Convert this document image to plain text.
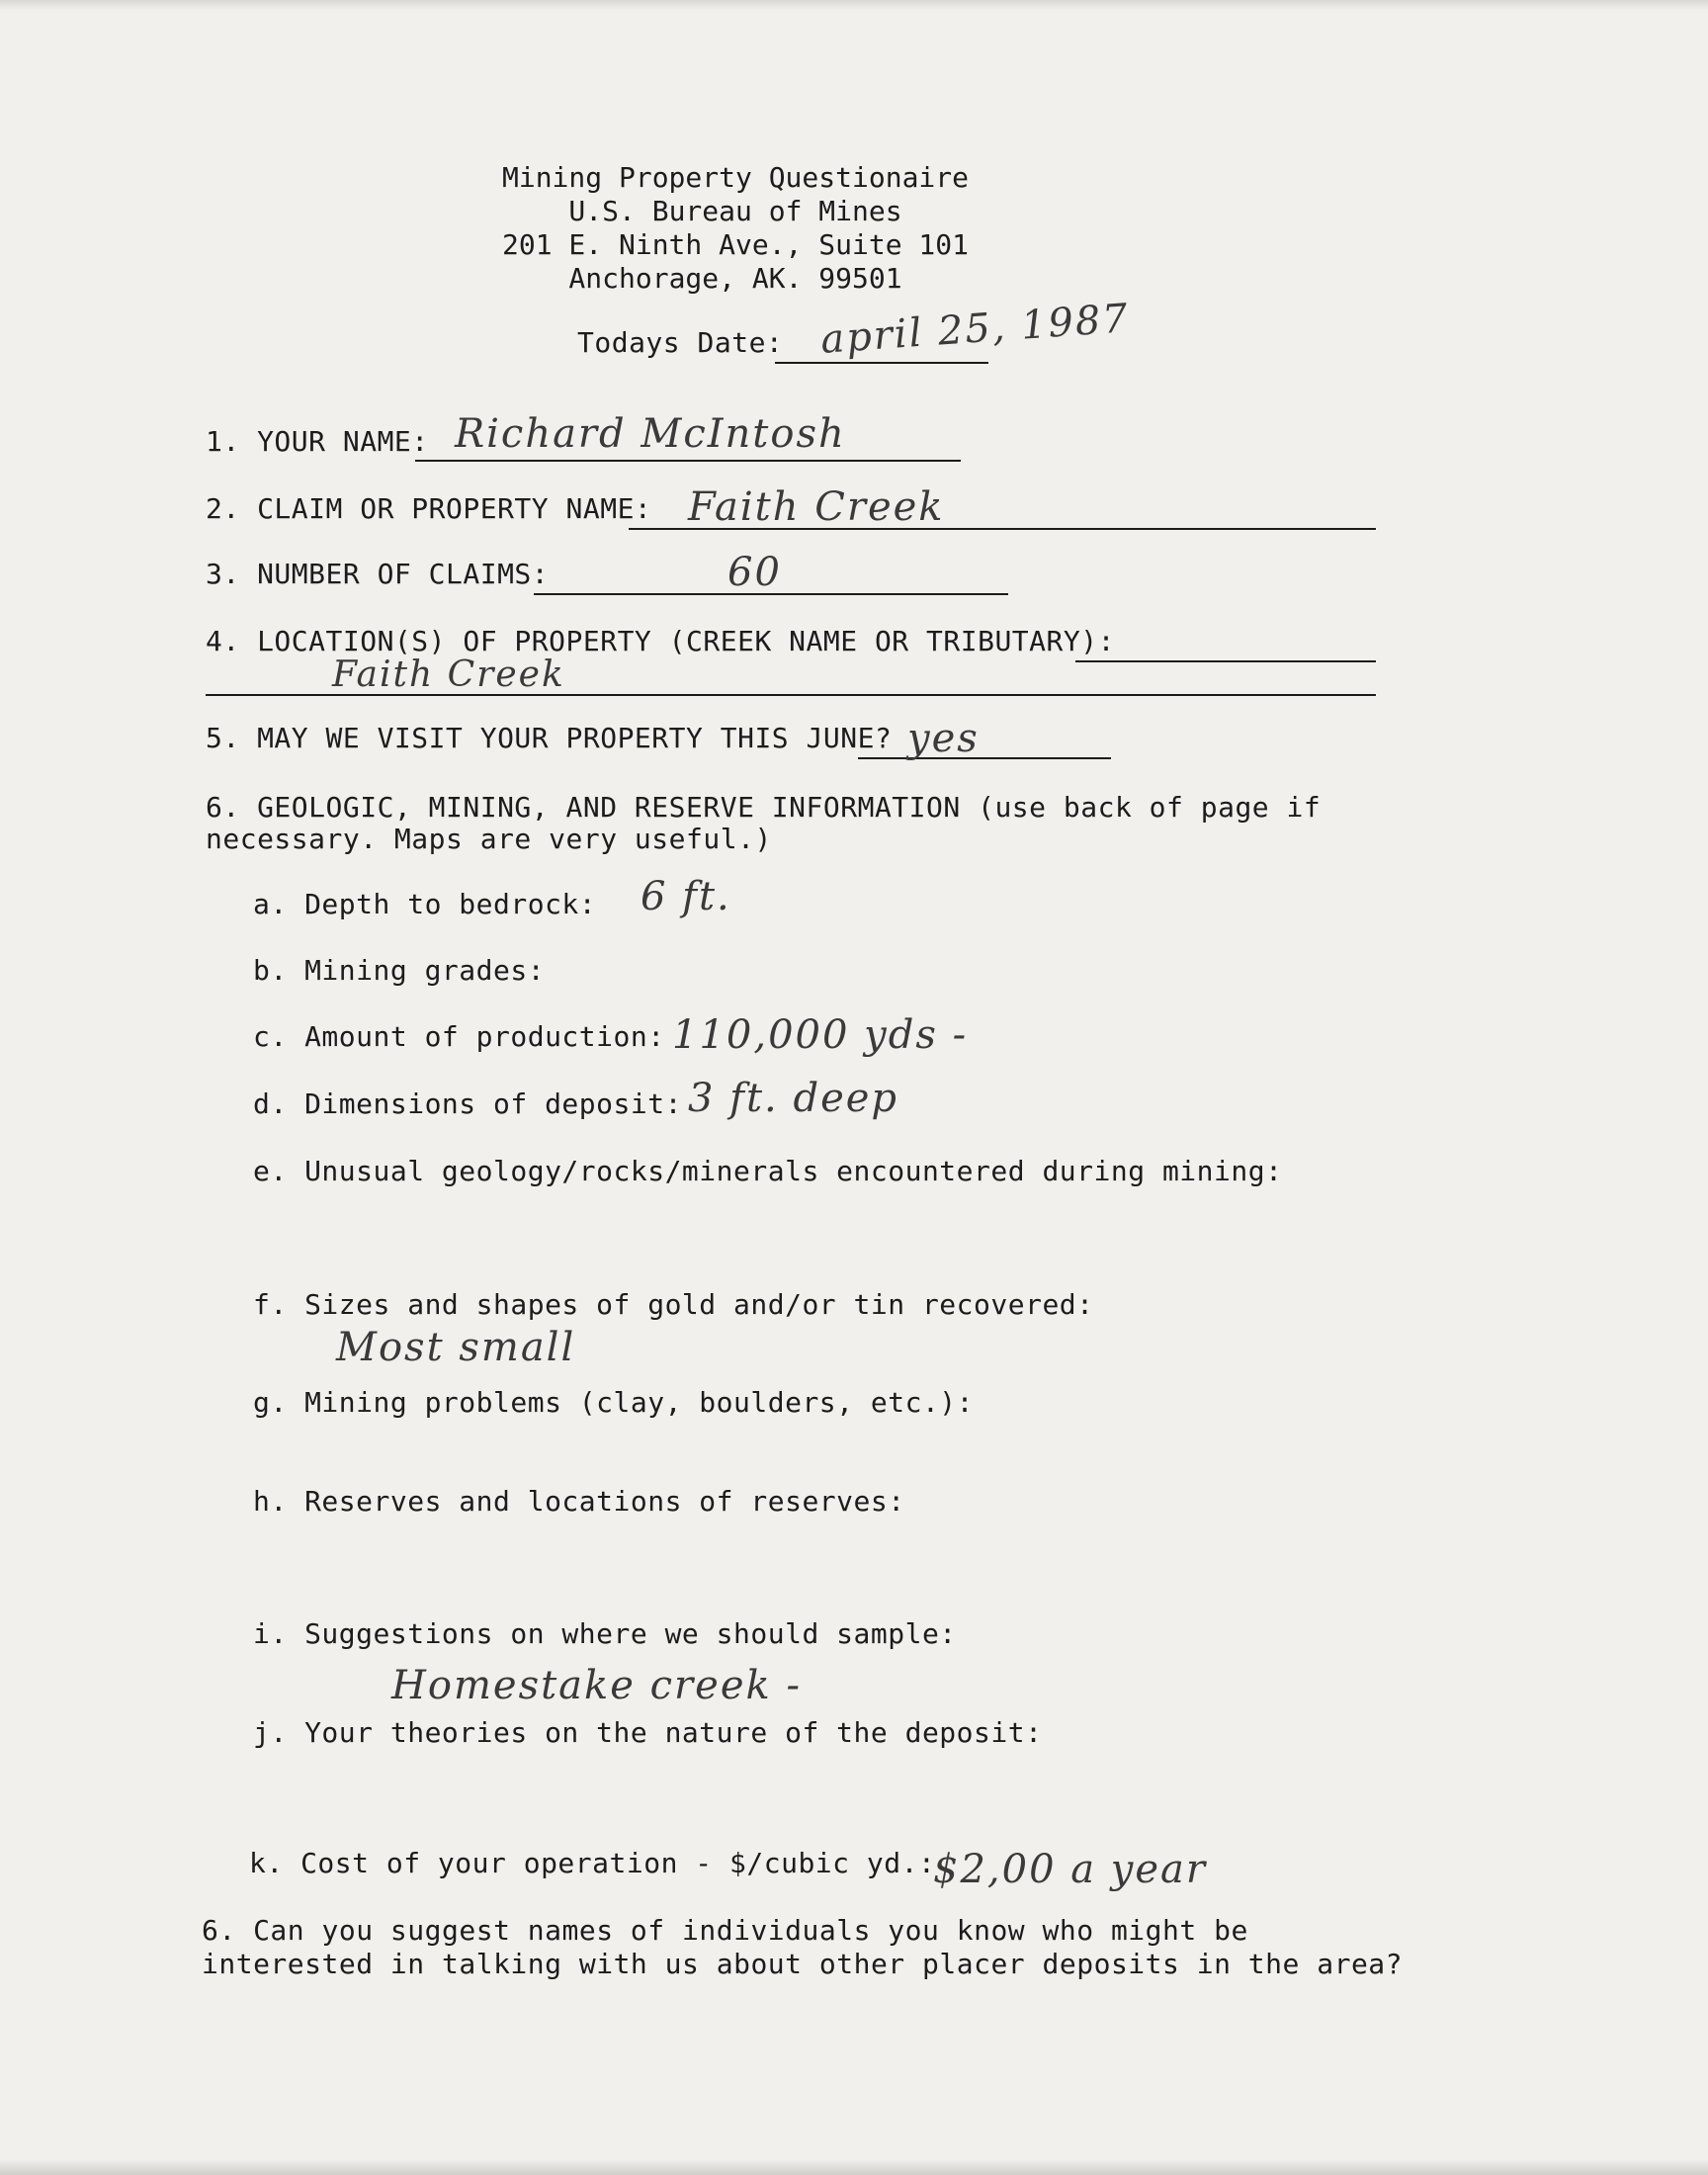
Mining Property Questionaire
U.S. Bureau of Mines
201 E. Ninth Ave., Suite 101
Anchorage, AK. 99501
Todays Date: april 25, 1987
1. YOUR NAME: Richard McIntosh
2. CLAIM OR PROPERTY NAME: Faith Creek
3. NUMBER OF CLAIMS:	60
4. LOCATION(S) OF PROPERTY (CREEK NAME OR TRIBUTARY):
Faith Creek
5. MAY WE VISIT YOUR PROPERTY THIS JUNE? yes
6. GEOLOGIC, MINING, AND RESERVE INFORMATION (use back of page if
necessary. Maps are very useful.)
a. Depth to bedrock: 6 ft.
b. Mining grades:
c. Amount of production: 110,000 yds -
d. Dimensions of deposit: 3 ft. deep
e. Unusual geology/rocks/minerals encountered during mining:
f. Sizes and shapes of gold and/or tin recovered:
Most small
g. Mining problems (clay, boulders, etc.):
h. Reserves and locations of reserves:
i. Suggestions on where we should sample:
Homestake creek -
j. Your theories on the nature of the deposit:
k. Cost of your operation - $/cubic yd.:
$2,00 a year
6. Can you suggest names of individuals you know who might be
interested in talking with us about other placer deposits in the area?
